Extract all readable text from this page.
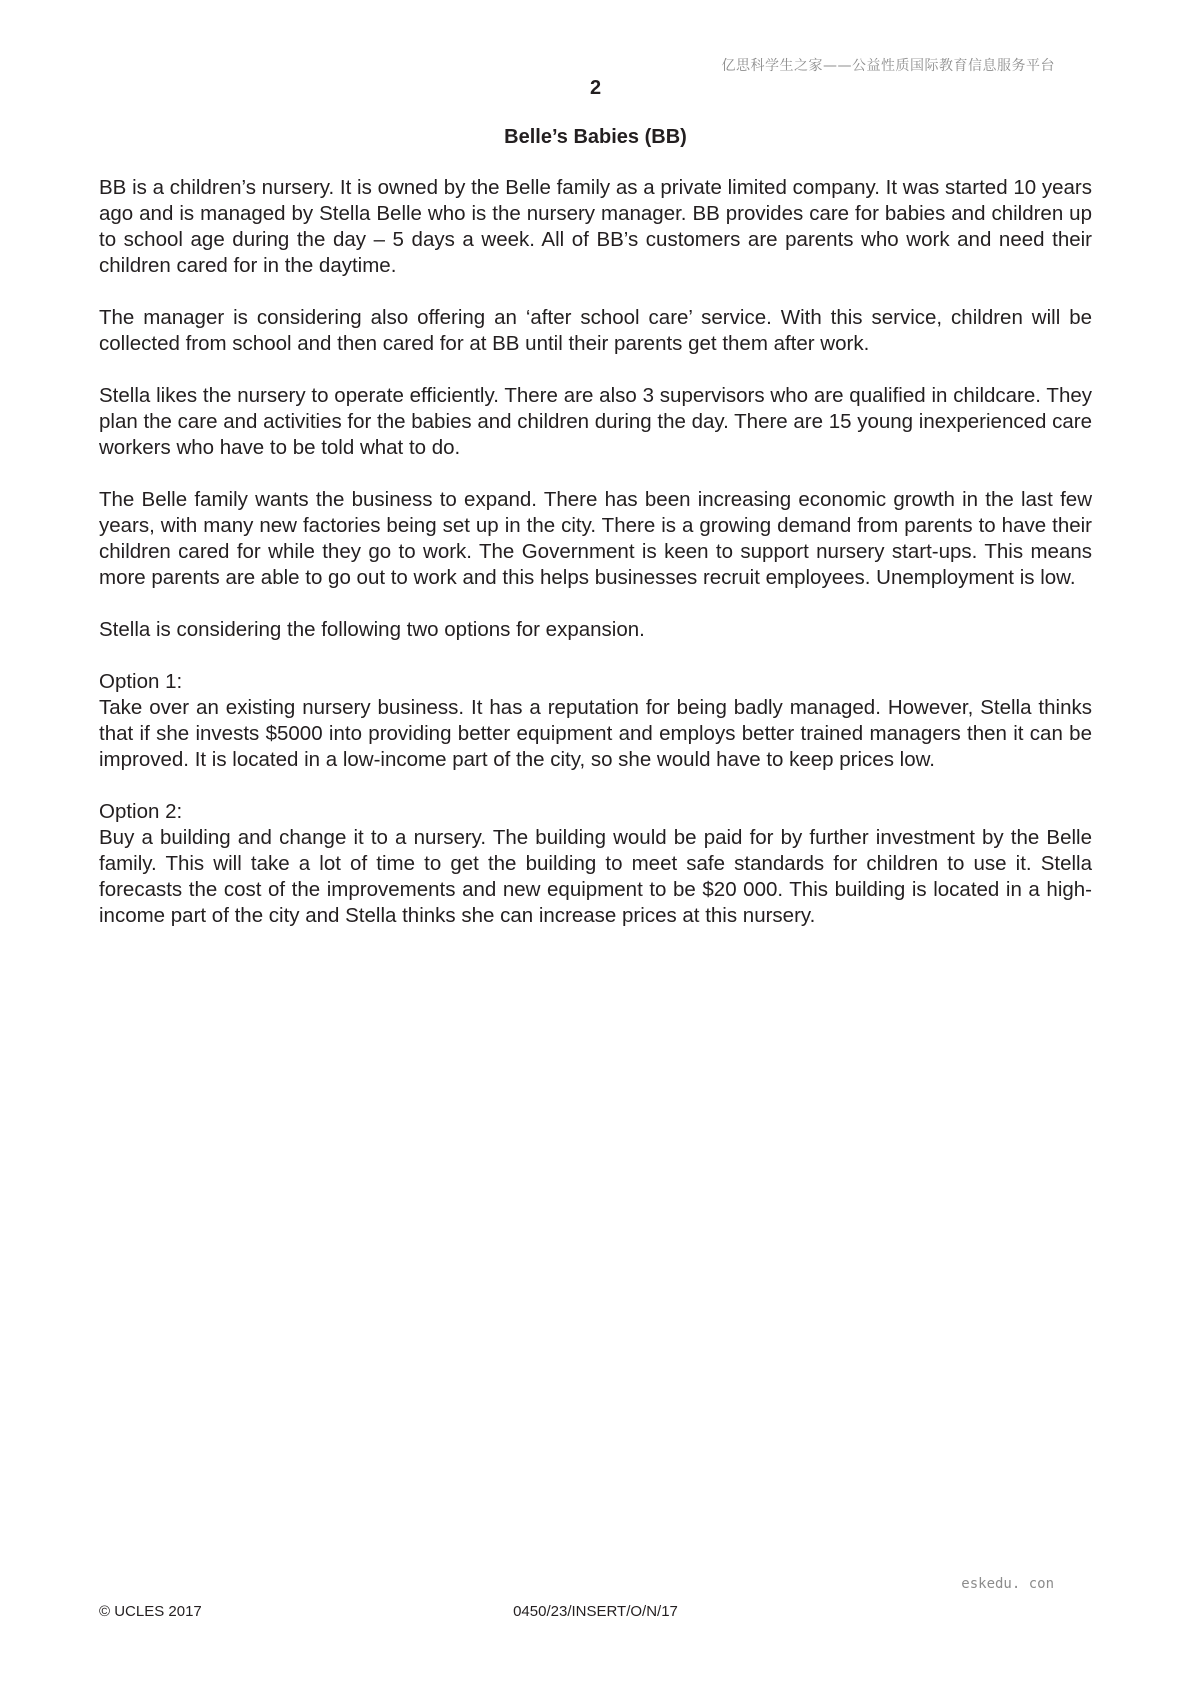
亿思科学生之家——公益性质国际教育信息服务平台
2
Belle’s Babies (BB)

BB is a children’s nursery. It is owned by the Belle family as a private limited company. It was started 10 years ago and is managed by Stella Belle who is the nursery manager. BB provides care for babies and children up to school age during the day – 5 days a week. All of BB’s customers are parents who work and need their children cared for in the daytime.

The manager is considering also offering an ‘after school care’ service. With this service, children will be collected from school and then cared for at BB until their parents get them after work.

Stella likes the nursery to operate efficiently. There are also 3 supervisors who are qualified in childcare. They plan the care and activities for the babies and children during the day. There are 15 young inexperienced care workers who have to be told what to do.

The Belle family wants the business to expand. There has been increasing economic growth in the last few years, with many new factories being set up in the city. There is a growing demand from parents to have their children cared for while they go to work. The Government is keen to support nursery start-ups. This means more parents are able to go out to work and this helps businesses recruit employees. Unemployment is low.

Stella is considering the following two options for expansion.

Option 1:
Take over an existing nursery business. It has a reputation for being badly managed. However, Stella thinks that if she invests $5000 into providing better equipment and employs better trained managers then it can be improved. It is located in a low-income part of the city, so she would have to keep prices low.

Option 2:
Buy a building and change it to a nursery. The building would be paid for by further investment by the Belle family. This will take a lot of time to get the building to meet safe standards for children to use it. Stella forecasts the cost of the improvements and new equipment to be $20 000. This building is located in a high-income part of the city and Stella thinks she can increase prices at this nursery.

eskedu. con
© UCLES 2017	0450/23/INSERT/O/N/17
